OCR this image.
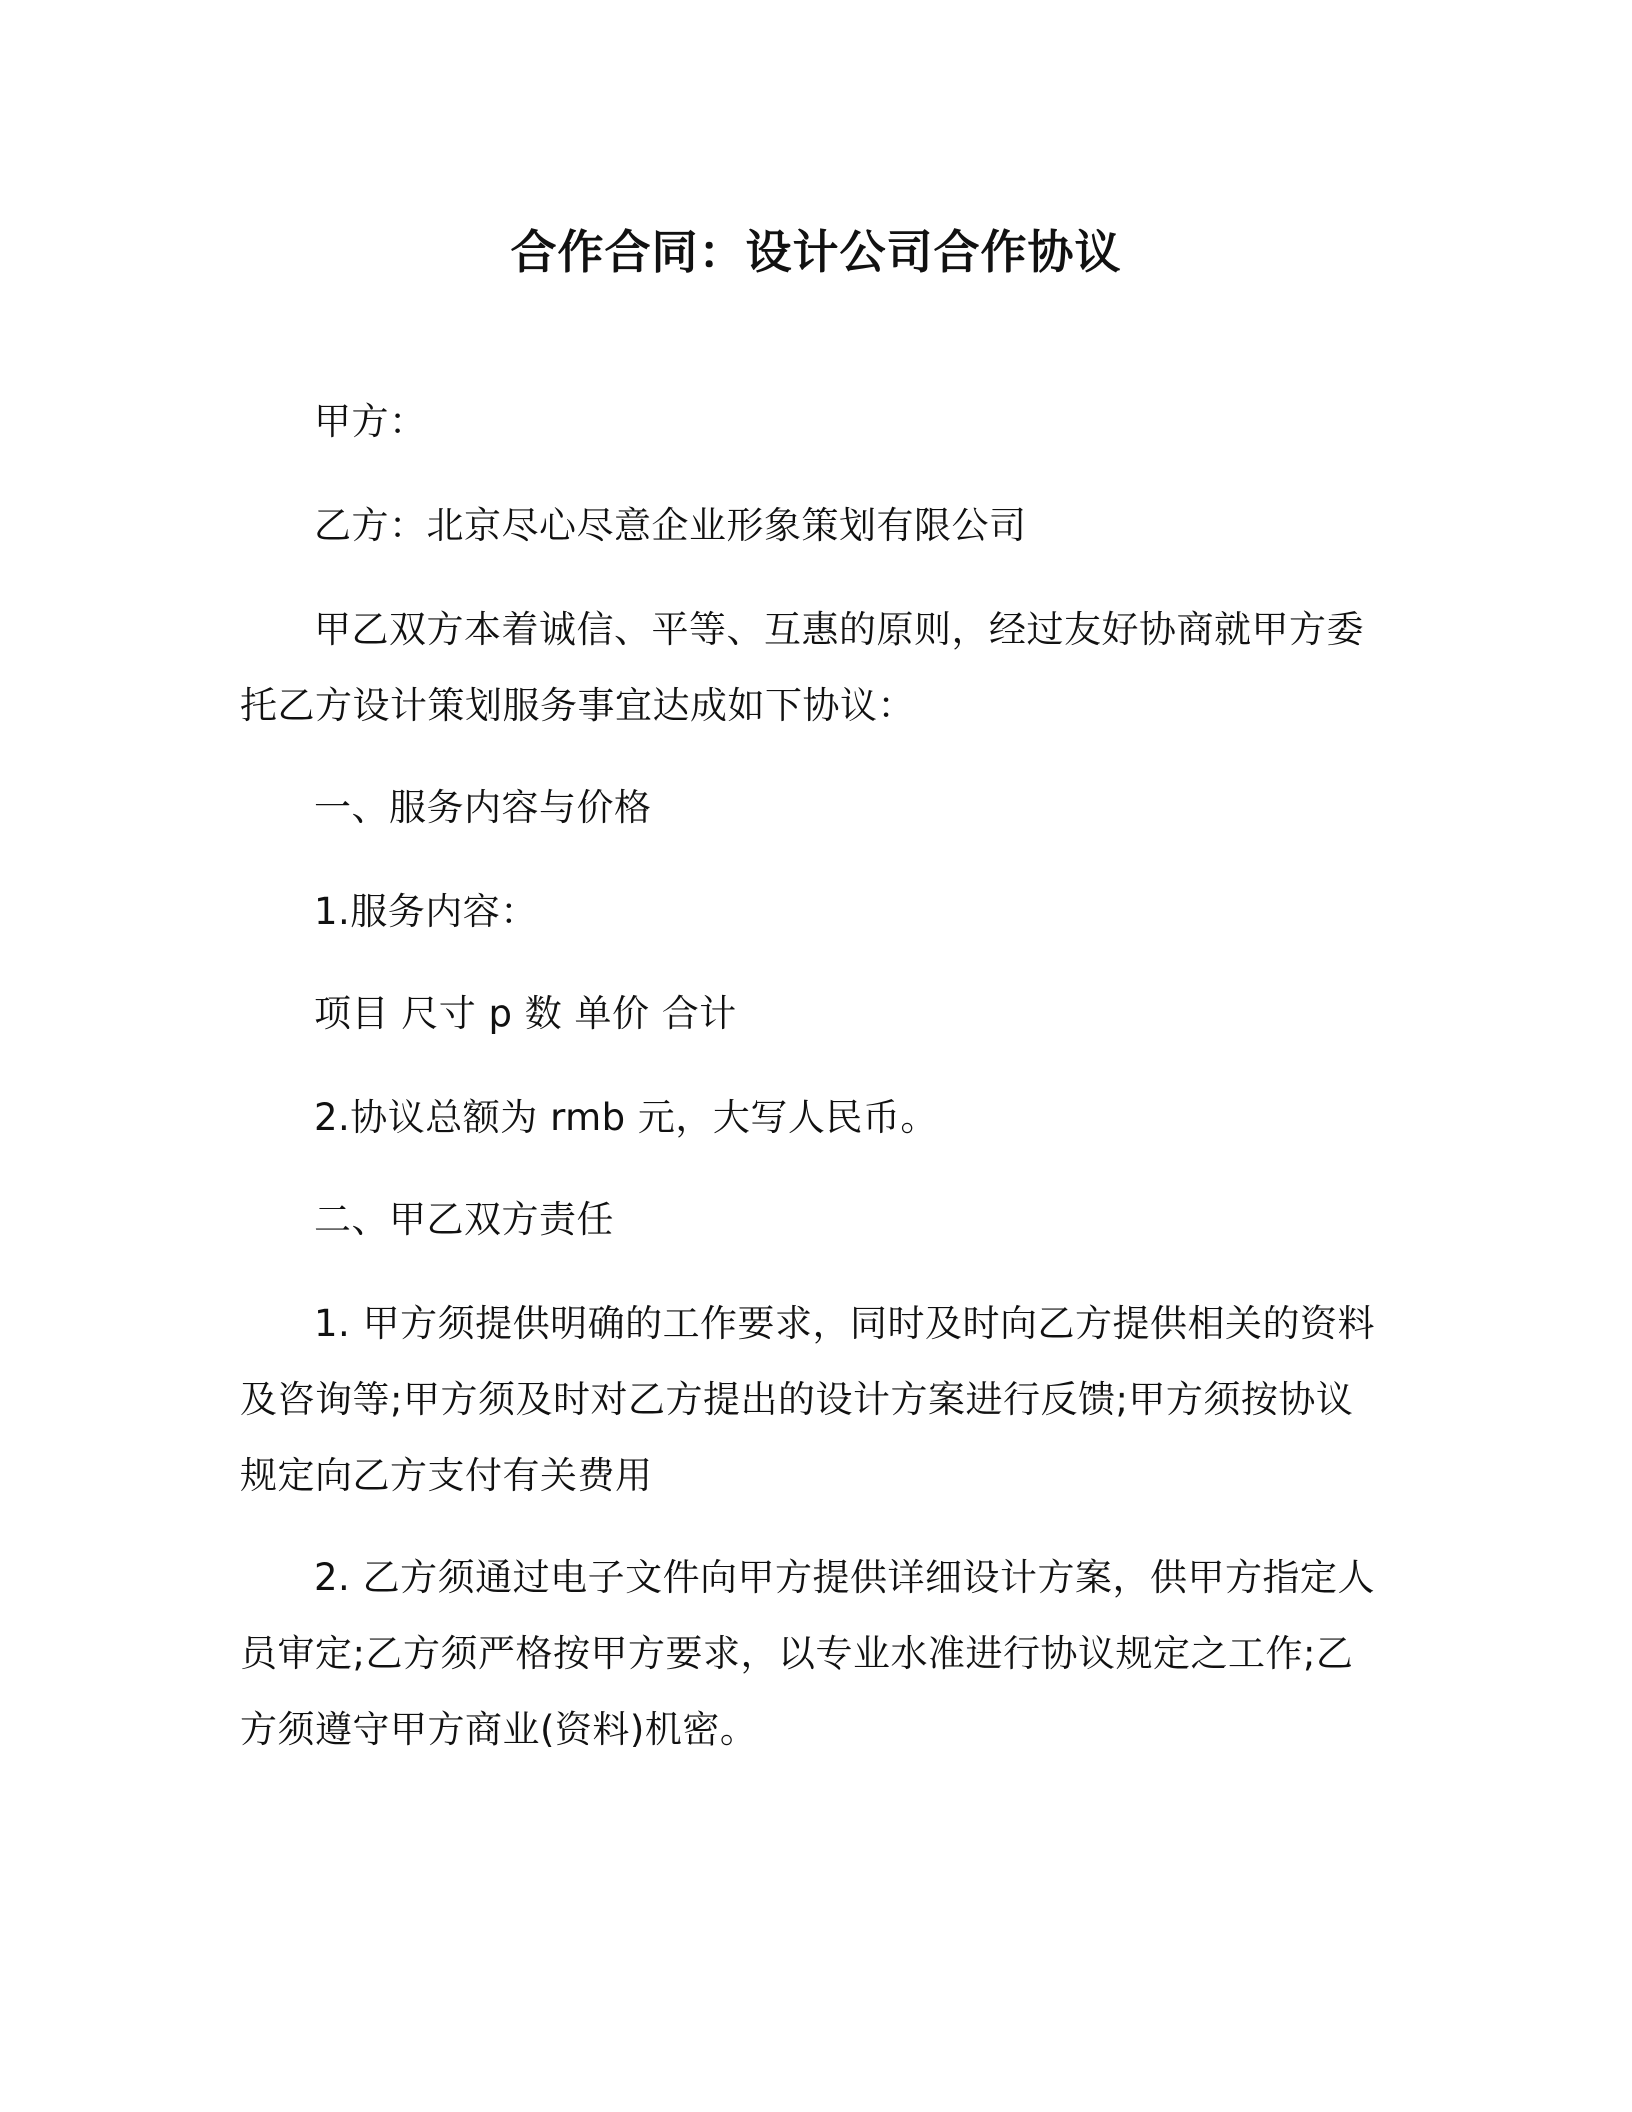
合作合同：设计公司合作协议
甲方：
乙方：北京尽心尽意企业形象策划有限公司
甲乙双方本着诚信、平等、互惠的原则，经过友好协商就甲方委托乙方设计策划服务事宜达成如下协议：
一、服务内容与价格
1.服务内容：
项目 尺寸 p 数 单价 合计
2.协议总额为 rmb 元，大写人民币。
二、甲乙双方责任
1. 甲方须提供明确的工作要求，同时及时向乙方提供相关的资料及咨询等;甲方须及时对乙方提出的设计方案进行反馈;甲方须按协议规定向乙方支付有关费用
2. 乙方须通过电子文件向甲方提供详细设计方案，供甲方指定人员审定;乙方须严格按甲方要求，以专业水准进行协议规定之工作;乙方须遵守甲方商业(资料)机密。
